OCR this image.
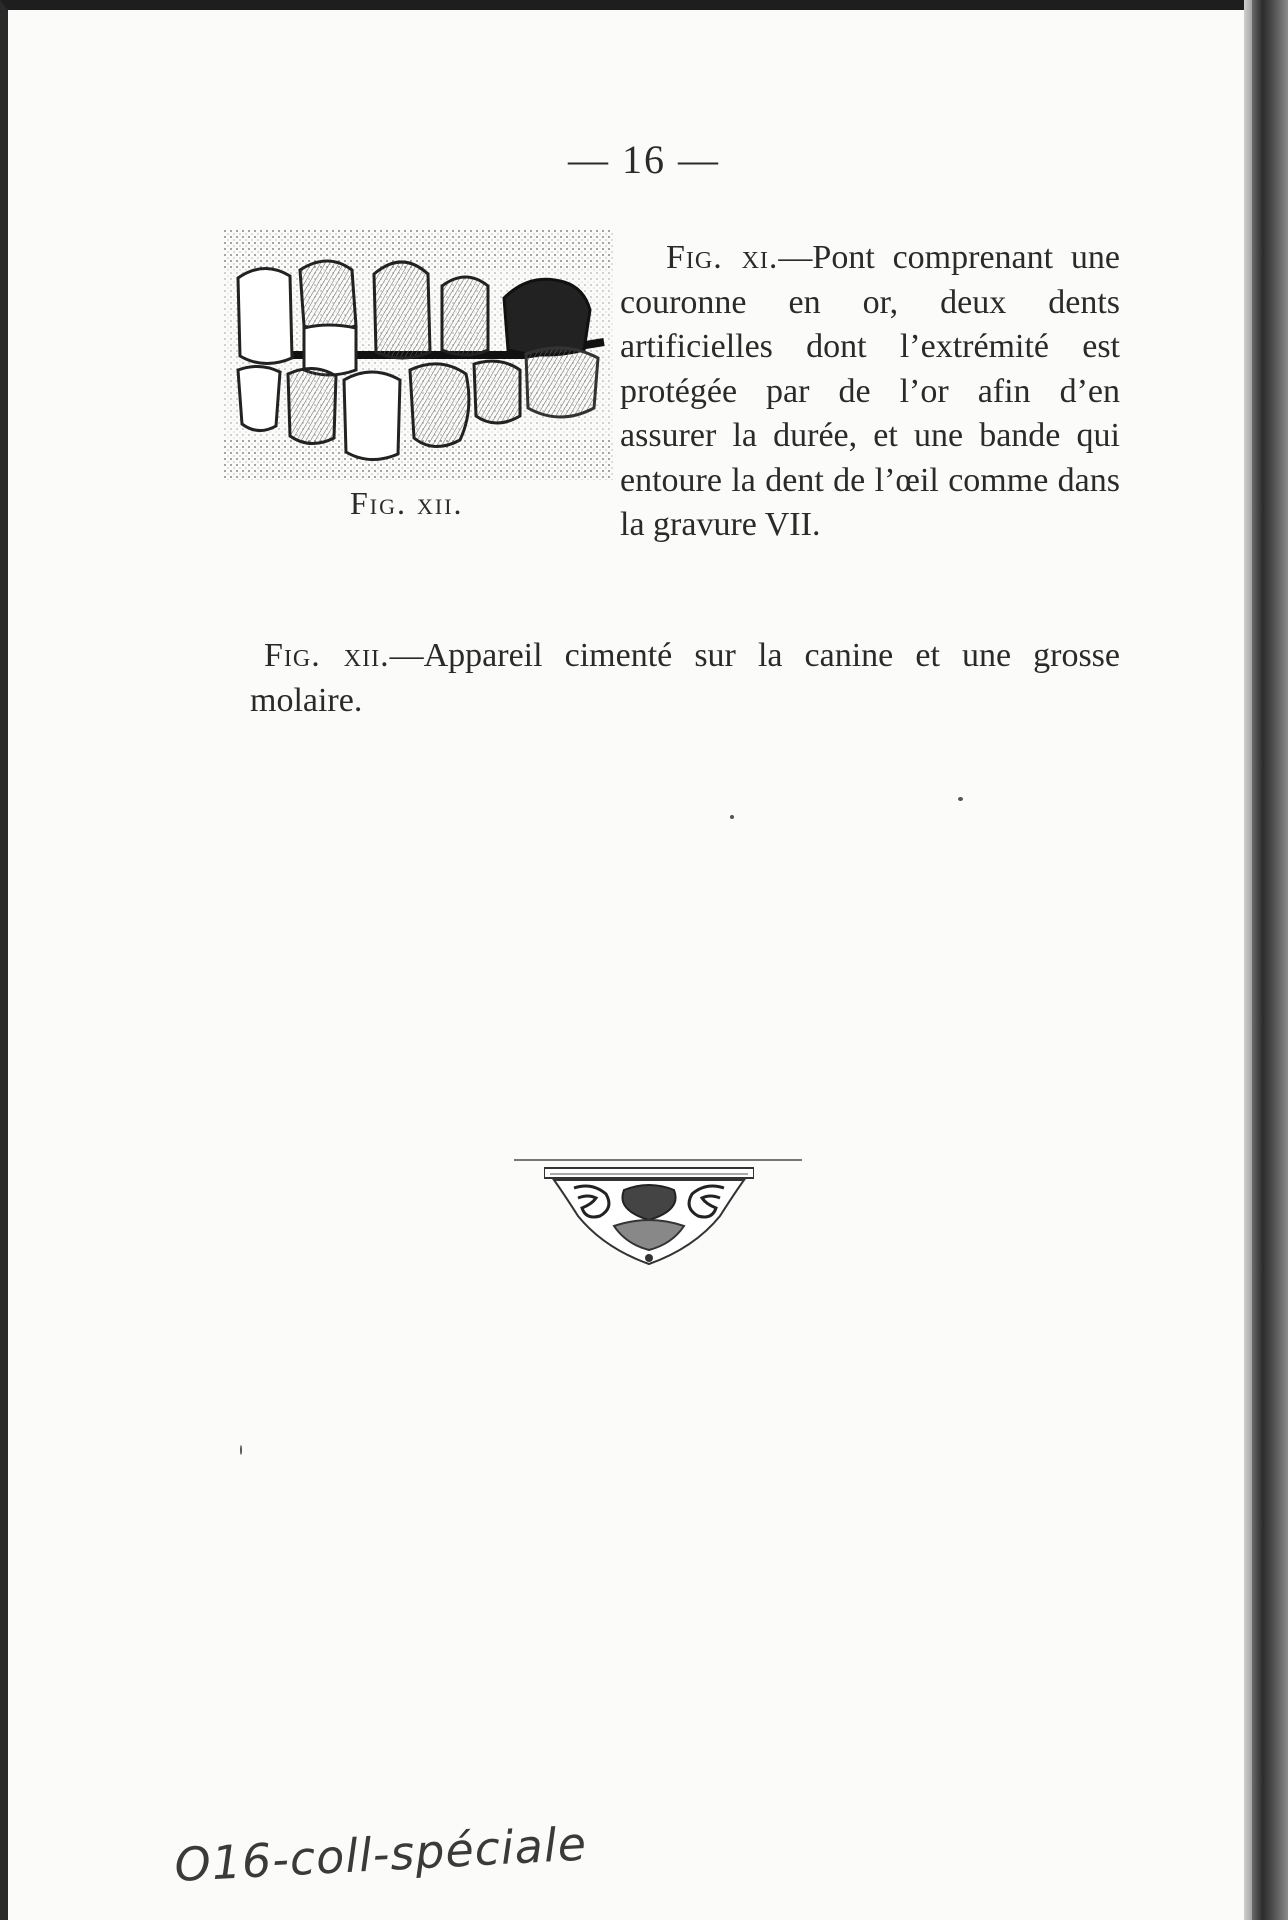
— 16 —
Fig. xii.
Fig. xi.—Pont comprenant une couronne en or, deux dents artificielles dont l’extrémité est protégée par de l’or afin d’en assurer la durée, et une bande qui entoure la dent de l’œil comme dans la gravure VII.
Fig. xii.—Appareil cimenté sur la canine et une grosse molaire.
O16-coll-spéciale
